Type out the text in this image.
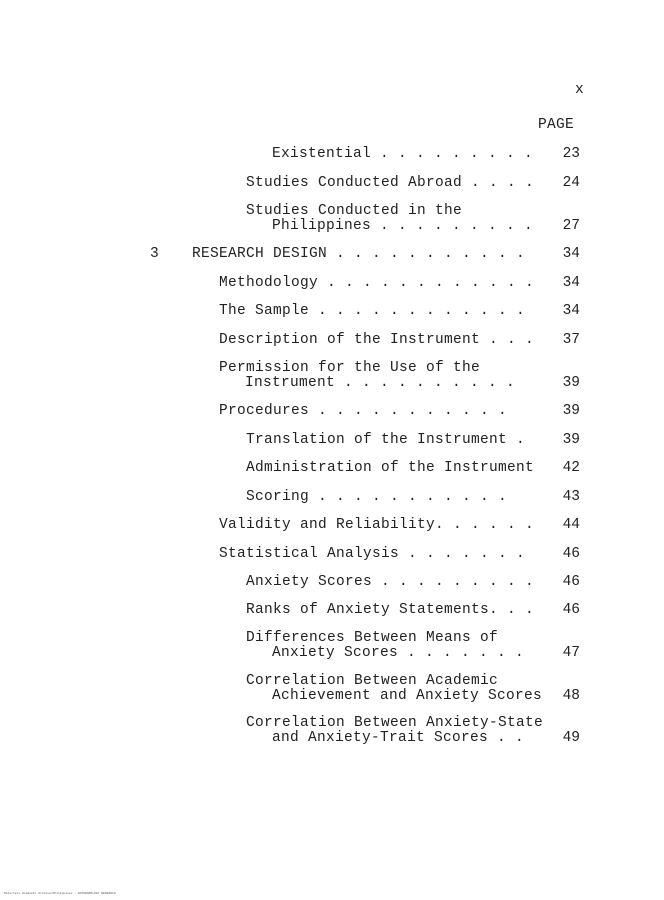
x
PAGE
Existential . . . . . . . . . 23
Studies Conducted Abroad . . . . 24
Studies Conducted in the
Philippines . . . . . . . . . 27
3 RESEARCH DESIGN . . . . . . . . . . .	34
Methodology . . . . . . . . . . . . 34
The Sample . . . . . . . . . . . .	34
Description of the Instrument . . . 37
Permission for the Use of the
Instrument . . . . . . . . . .	39
Procedures . . . . . . . . . . .	39
Translation of the Instrument .	39
Administration of the Instrument 42
Scoring . . . . . . . . . . .	43
Validity and Reliability. . . . . . 44
Statistical Analysis . . . . . . .	46
Anxiety Scores . . . . . . . . . 46
Ranks of Anxiety Statements. . . 46
Differences Between Means of
Anxiety Scores . . . . . . .	47
Correlation Between Academic
Achievement and Anxiety Scores 48
Correlation Between Anxiety-State
and Anxiety-Trait Scores . .	49
Materials Academic Archive/Philippines - ANTHROPOLOGY RESEARCH
